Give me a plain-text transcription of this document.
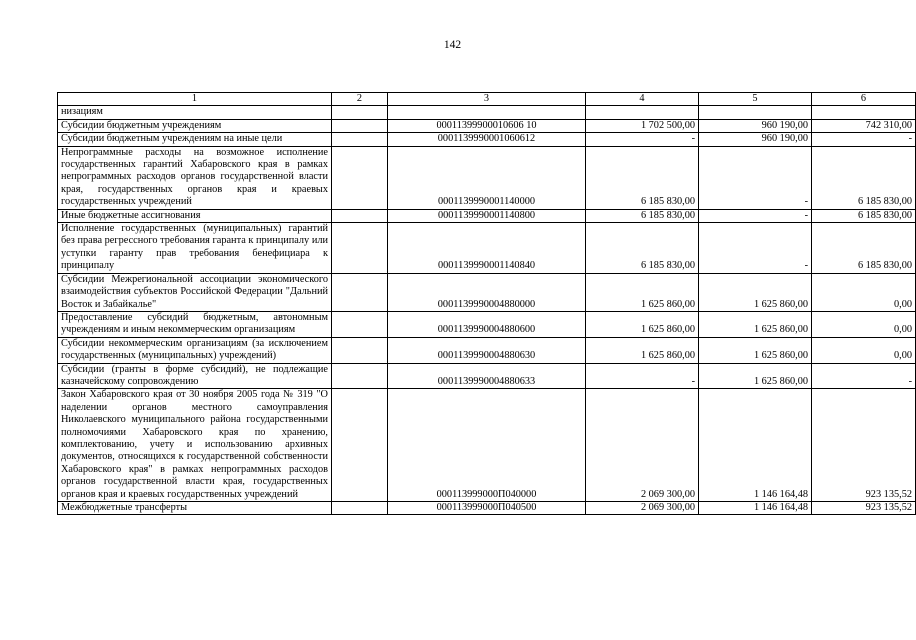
142
1	2	3	4	5	6
низациям					
Субсидии бюджетным учреждениям		00011399900010606 10	1 702 500,00	960 190,00	742 310,00
Субсидии бюджетным учреждениям на иные цели		0001139990001060612	-	960 190,00	-
Непрограммные расходы на возможное исполнение государственных гарантий Хабаровского края в рамках непрограммных расходов органов государственной власти края, государственных органов края и краевых государственных учреждений		0001139990001140000	6 185 830,00	-	6 185 830,00
Иные бюджетные ассигнования		0001139990001140800	6 185 830,00	-	6 185 830,00
Исполнение государственных (муниципальных) гарантий без права регрессного требования гаранта к принципалу или уступки гаранту прав требования бенефициара к принципалу		0001139990001140840	6 185 830,00	-	6 185 830,00
Субсидии Межрегиональной ассоциации экономического взаимодействия субъектов Российской Федерации "Дальний Восток и Забайкалье"		0001139990004880000	1 625 860,00	1 625 860,00	0,00
Предоставление субсидий бюджетным, автономным учреждениям и иным некоммерческим организациям		0001139990004880600	1 625 860,00	1 625 860,00	0,00
Субсидии некоммерческим организациям (за исключением государственных (муниципальных) учреждений)		0001139990004880630	1 625 860,00	1 625 860,00	0,00
Субсидии (гранты в форме субсидий), не подлежащие казначейскому сопровождению		0001139990004880633	-	1 625 860,00	-
Закон Хабаровского края от 30 ноября 2005 года № 319 "О наделении органов местного самоуправления Николаевского муниципального района государственными полномочиями Хабаровского края по хранению, комплектованию, учету и использованию архивных документов, относящихся к государственной собственности Хабаровского края" в рамках непрограммных расходов органов государственной власти края, государственных органов края и краевых государственных учреждений		000113999000П040000	2 069 300,00	1 146 164,48	923 135,52
Межбюджетные трансферты		000113999000П040500	2 069 300,00	1 146 164,48	923 135,52
